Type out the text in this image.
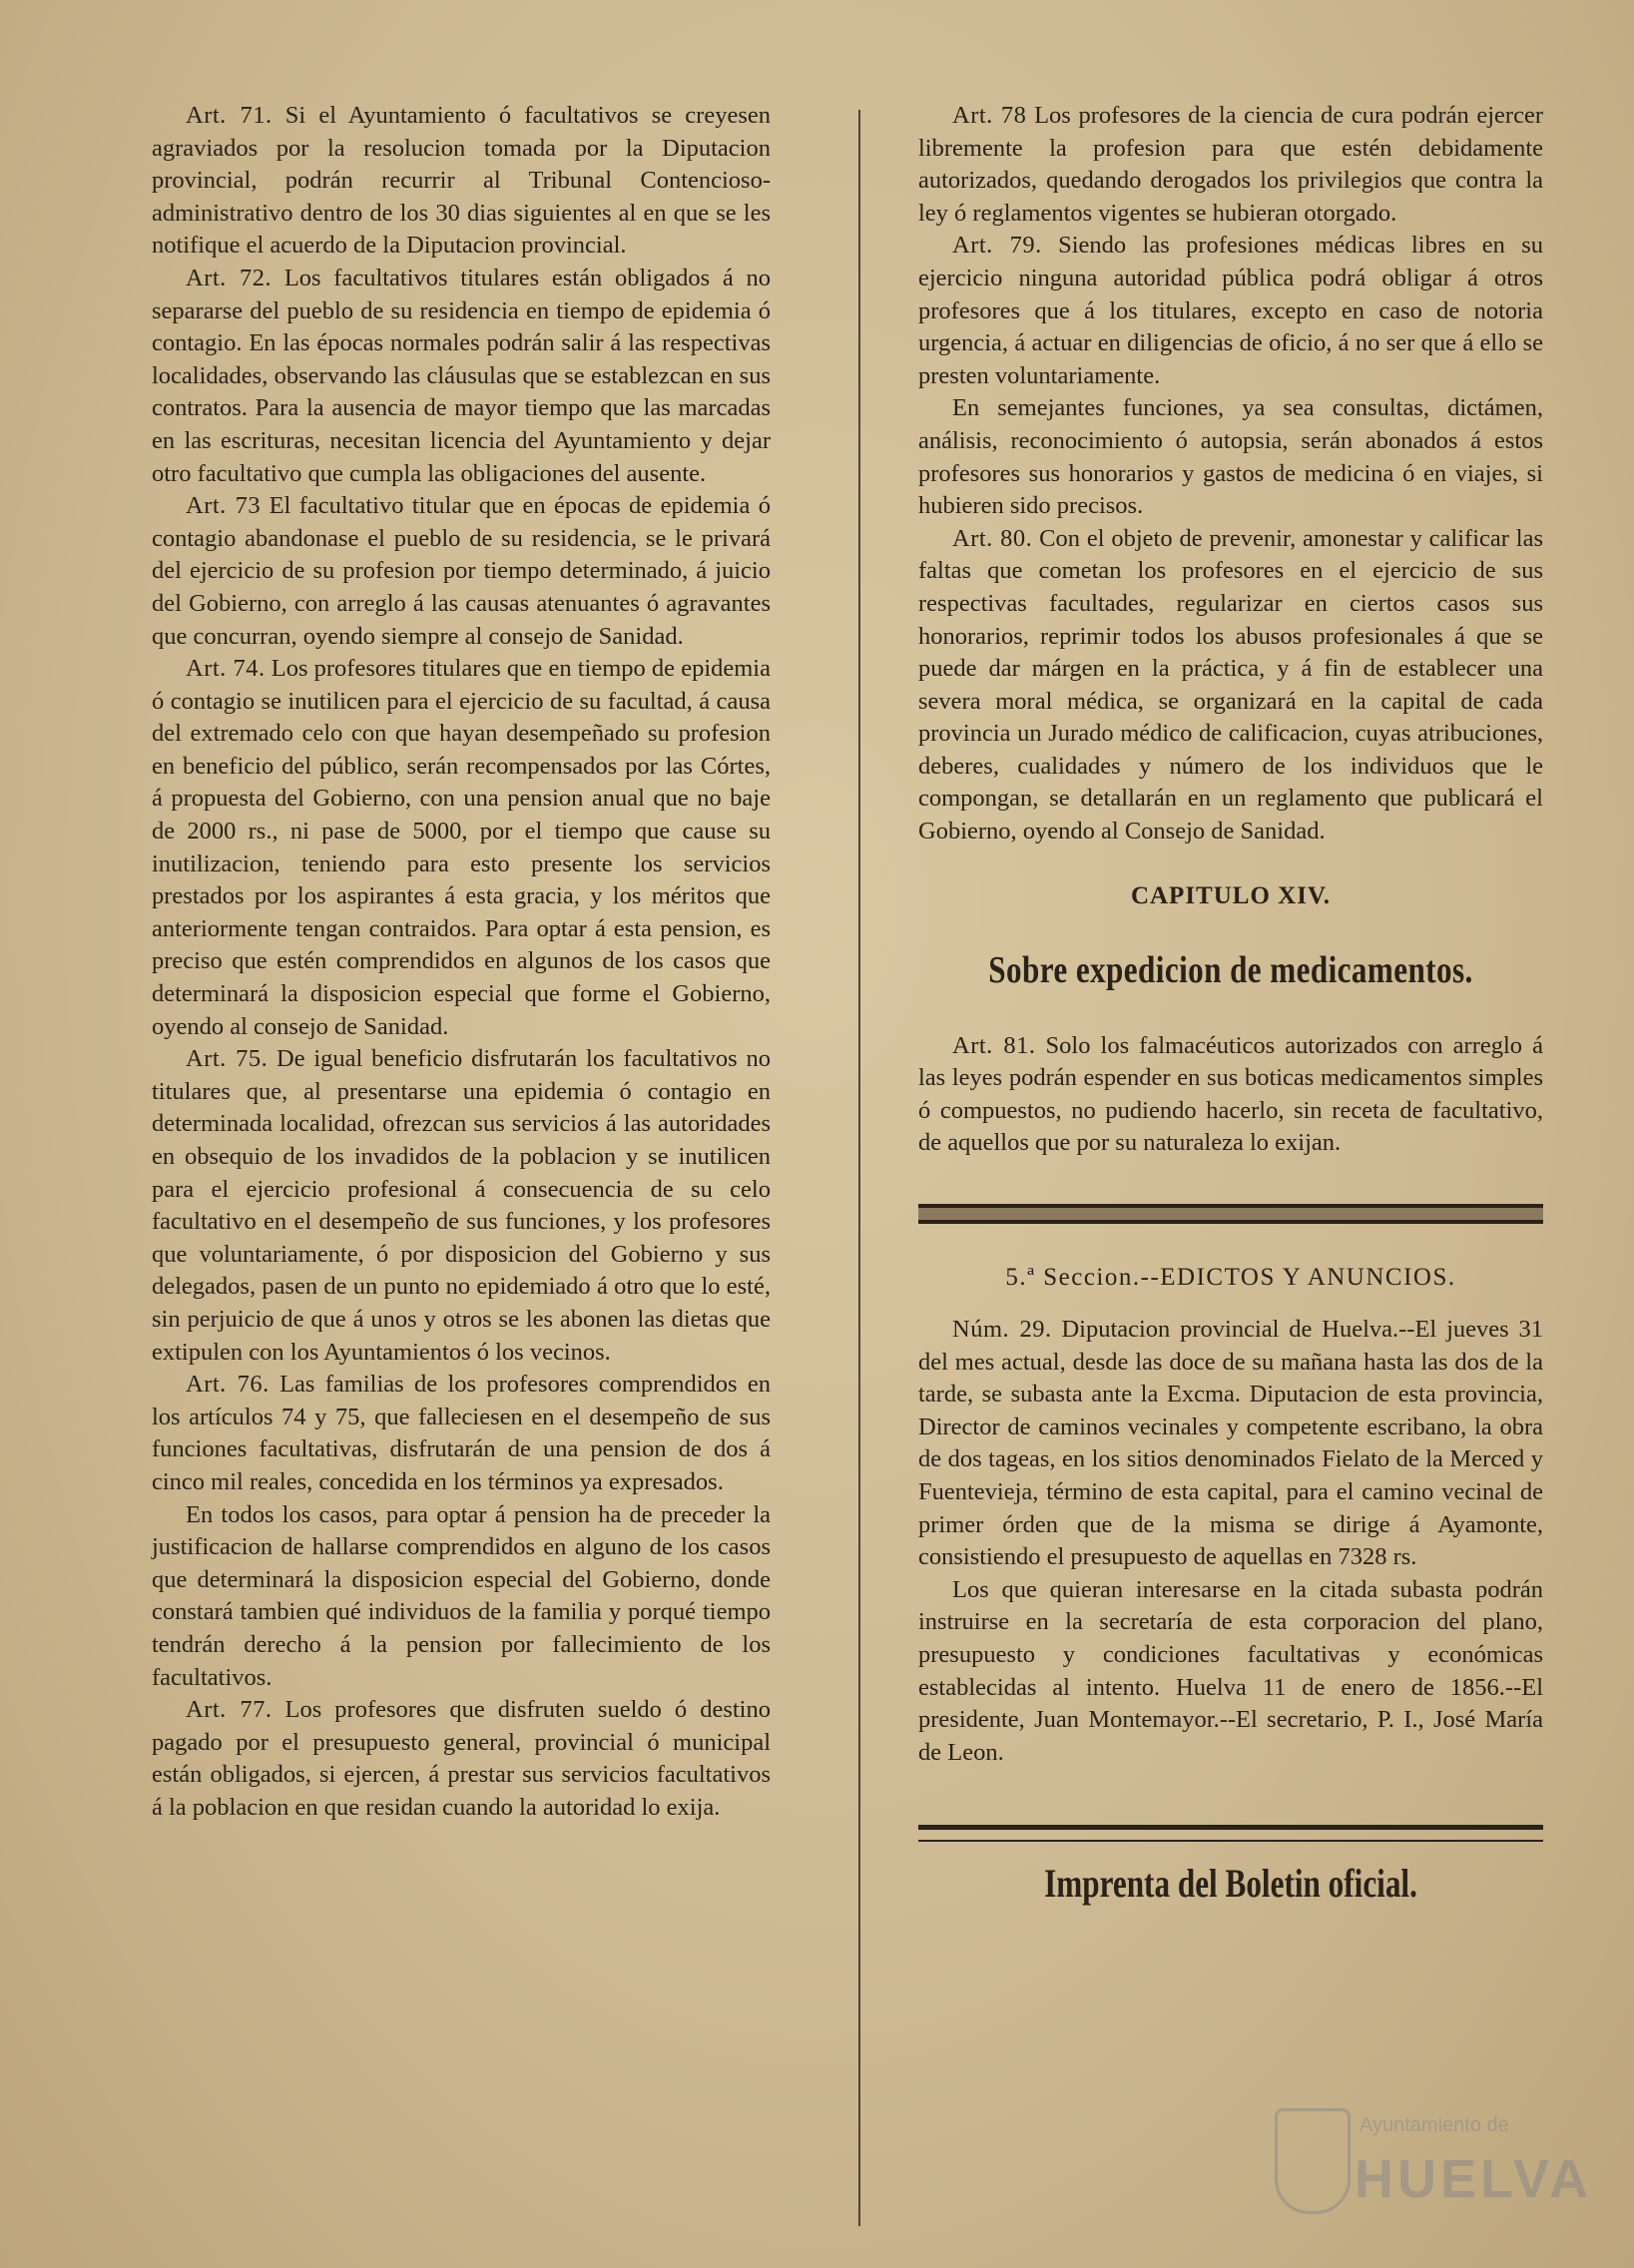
Art. 71. Si el Ayuntamiento ó facultativos se creyesen agraviados por la resolucion tomada por la Diputacion provincial, podrán recurrir al Tribunal Contencioso-administrativo dentro de los 30 dias siguientes al en que se les notifique el acuerdo de la Diputacion provincial.

Art. 72. Los facultativos titulares están obligados á no separarse del pueblo de su residencia en tiempo de epidemia ó contagio. En las épocas normales podrán salir á las respectivas localidades, observando las cláusulas que se establezcan en sus contratos. Para la ausencia de mayor tiempo que las marcadas en las escrituras, necesitan licencia del Ayuntamiento y dejar otro facultativo que cumpla las obligaciones del ausente.

Art. 73 El facultativo titular que en épocas de epidemia ó contagio abandonase el pueblo de su residencia, se le privará del ejercicio de su profesion por tiempo determinado, á juicio del Gobierno, con arreglo á las causas atenuantes ó agravantes que concurran, oyendo siempre al consejo de Sanidad.

Art. 74. Los profesores titulares que en tiempo de epidemia ó contagio se inutilicen para el ejercicio de su facultad, á causa del extremado celo con que hayan desempeñado su profesion en beneficio del público, serán recompensados por las Córtes, á propuesta del Gobierno, con una pension anual que no baje de 2000 rs., ni pase de 5000, por el tiempo que cause su inutilizacion, teniendo para esto presente los servicios prestados por los aspirantes á esta gracia, y los méritos que anteriormente tengan contraidos. Para optar á esta pension, es preciso que estén comprendidos en algunos de los casos que determinará la disposicion especial que forme el Gobierno, oyendo al consejo de Sanidad.

Art. 75. De igual beneficio disfrutarán los facultativos no titulares que, al presentarse una epidemia ó contagio en determinada localidad, ofrezcan sus servicios á las autoridades en obsequio de los invadidos de la poblacion y se inutilicen para el ejercicio profesional á consecuencia de su celo facultativo en el desempeño de sus funciones, y los profesores que voluntariamente, ó por disposicion del Gobierno y sus delegados, pasen de un punto no epidemiado á otro que lo esté, sin perjuicio de que á unos y otros se les abonen las dietas que extipulen con los Ayuntamientos ó los vecinos.

Art. 76. Las familias de los profesores comprendidos en los artículos 74 y 75, que falleciesen en el desempeño de sus funciones facultativas, disfrutarán de una pension de dos á cinco mil reales, concedida en los términos ya expresados.

En todos los casos, para optar á pension ha de preceder la justificacion de hallarse comprendidos en alguno de los casos que determinará la disposicion especial del Gobierno, donde constará tambien qué individuos de la familia y porqué tiempo tendrán derecho á la pension por fallecimiento de los facultativos.

Art. 77. Los profesores que disfruten sueldo ó destino pagado por el presupuesto general, provincial ó municipal están obligados, si ejercen, á prestar sus servicios facultativos á la poblacion en que residan cuando la autoridad lo exija.

Art. 78 Los profesores de la ciencia de cura podrán ejercer libremente la profesion para que estén debidamente autorizados, quedando derogados los privilegios que contra la ley ó reglamentos vigentes se hubieran otorgado.

Art. 79. Siendo las profesiones médicas libres en su ejercicio ninguna autoridad pública podrá obligar á otros profesores que á los titulares, excepto en caso de notoria urgencia, á actuar en diligencias de oficio, á no ser que á ello se presten voluntariamente.

En semejantes funciones, ya sea consultas, dictámen, análisis, reconocimiento ó autopsia, serán abonados á estos profesores sus honorarios y gastos de medicina ó en viajes, si hubieren sido precisos.

Art. 80. Con el objeto de prevenir, amonestar y calificar las faltas que cometan los profesores en el ejercicio de sus respectivas facultades, regularizar en ciertos casos sus honorarios, reprimir todos los abusos profesionales á que se puede dar márgen en la práctica, y á fin de establecer una severa moral médica, se organizará en la capital de cada provincia un Jurado médico de calificacion, cuyas atribuciones, deberes, cualidades y número de los individuos que le compongan, se detallarán en un reglamento que publicará el Gobierno, oyendo al Consejo de Sanidad.

CAPITULO XIV.
Sobre expedicion de medicamentos.

Art. 81. Solo los falmacéuticos autorizados con arreglo á las leyes podrán espender en sus boticas medicamentos simples ó compuestos, no pudiendo hacerlo, sin receta de facultativo, de aquellos que por su naturaleza lo exijan.

5.ª Seccion.--EDICTOS Y ANUNCIOS.

Núm. 29. Diputacion provincial de Huelva.--El jueves 31 del mes actual, desde las doce de su mañana hasta las dos de la tarde, se subasta ante la Excma. Diputacion de esta provincia, Director de caminos vecinales y competente escribano, la obra de dos tageas, en los sitios denominados Fielato de la Merced y Fuentevieja, término de esta capital, para el camino vecinal de primer órden que de la misma se dirige á Ayamonte, consistiendo el presupuesto de aquellas en 7328 rs.

Los que quieran interesarse en la citada subasta podrán instruirse en la secretaría de esta corporacion del plano, presupuesto y condiciones facultativas y económicas establecidas al intento. Huelva 11 de enero de 1856.--El presidente, Juan Montemayor.--El secretario, P. I., José María de Leon.

Imprenta del Boletin oficial.
Ayuntamiento de
HUELVA
